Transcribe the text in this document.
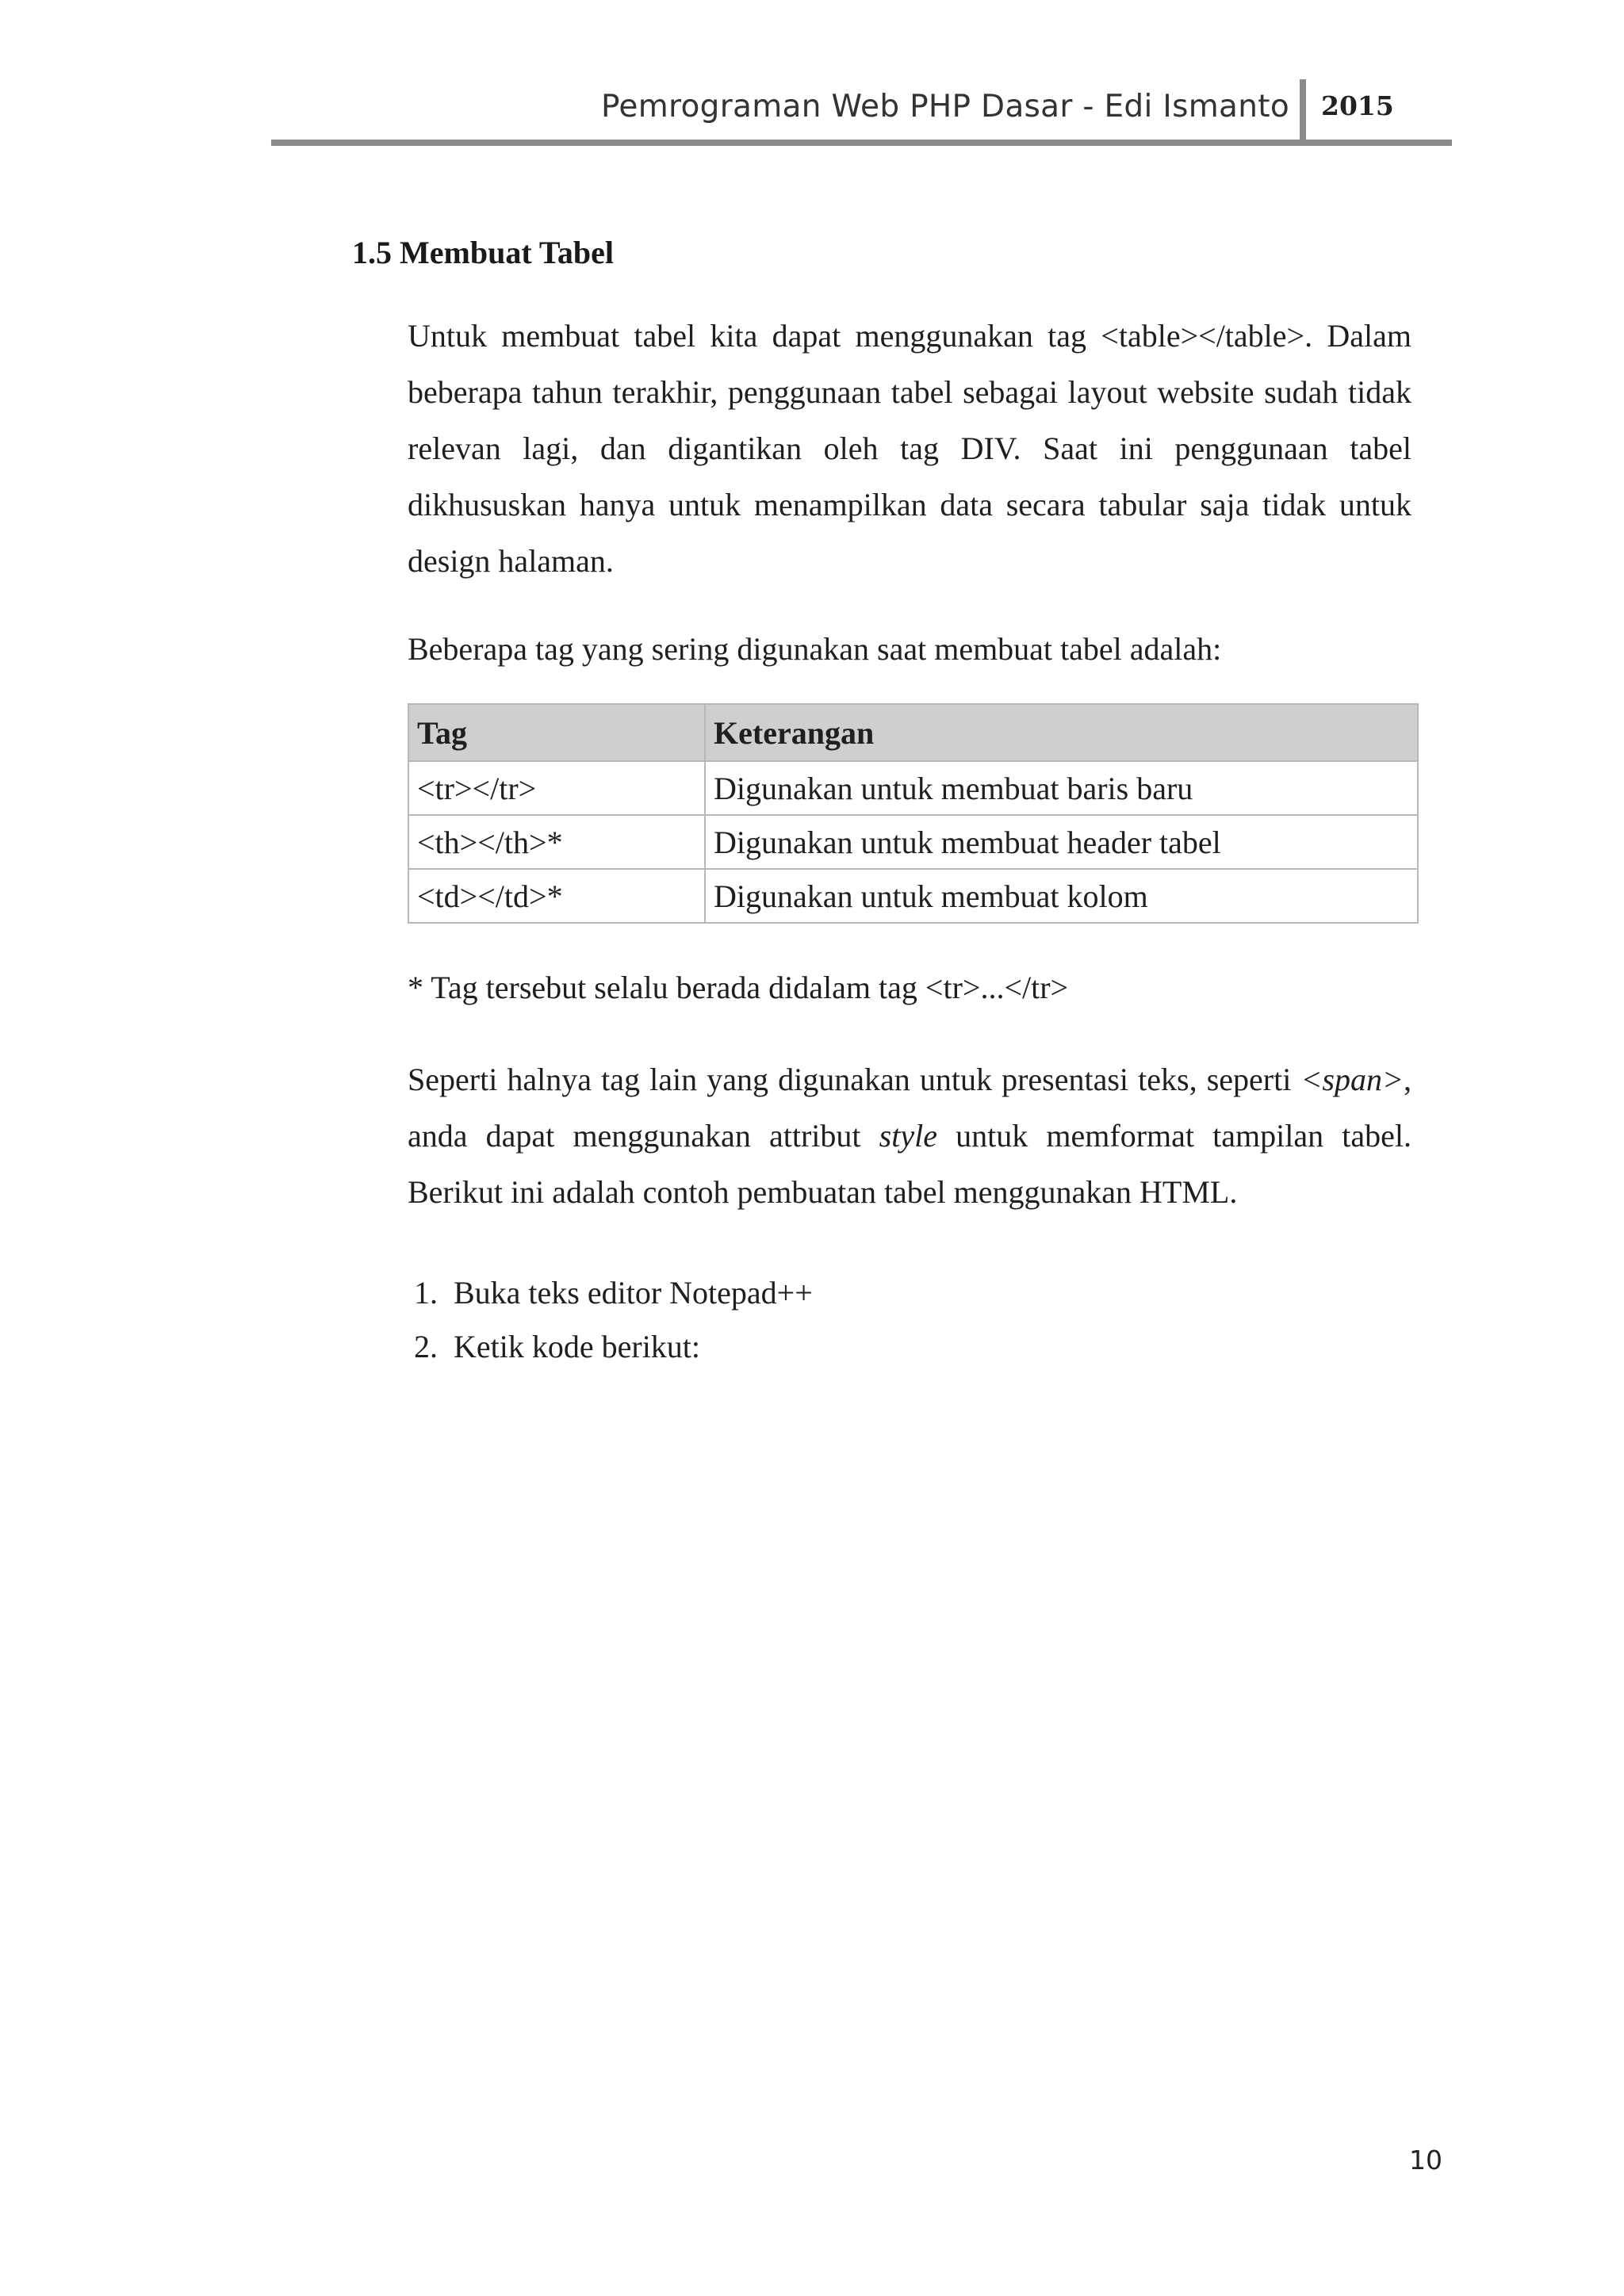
Pemrograman Web PHP Dasar - Edi Ismanto 2015
1.5 Membuat Tabel

Untuk membuat tabel kita dapat menggunakan tag <table></table>. Dalam beberapa tahun terakhir, penggunaan tabel sebagai layout website sudah tidak relevan lagi, dan digantikan oleh tag DIV. Saat ini penggunaan tabel dikhususkan hanya untuk menampilkan data secara tabular saja tidak untuk design halaman.

Beberapa tag yang sering digunakan saat membuat tabel adalah:

Tag	Keterangan
<tr></tr>	Digunakan untuk membuat baris baru
<th></th>*	Digunakan untuk membuat header tabel
<td></td>*	Digunakan untuk membuat kolom

* Tag tersebut selalu berada didalam tag <tr>...</tr>

Seperti halnya tag lain yang digunakan untuk presentasi teks, seperti <span>, anda dapat menggunakan attribut style untuk memformat tampilan tabel. Berikut ini adalah contoh pembuatan tabel menggunakan HTML.

1. Buka teks editor Notepad++
2. Ketik kode berikut:
10
